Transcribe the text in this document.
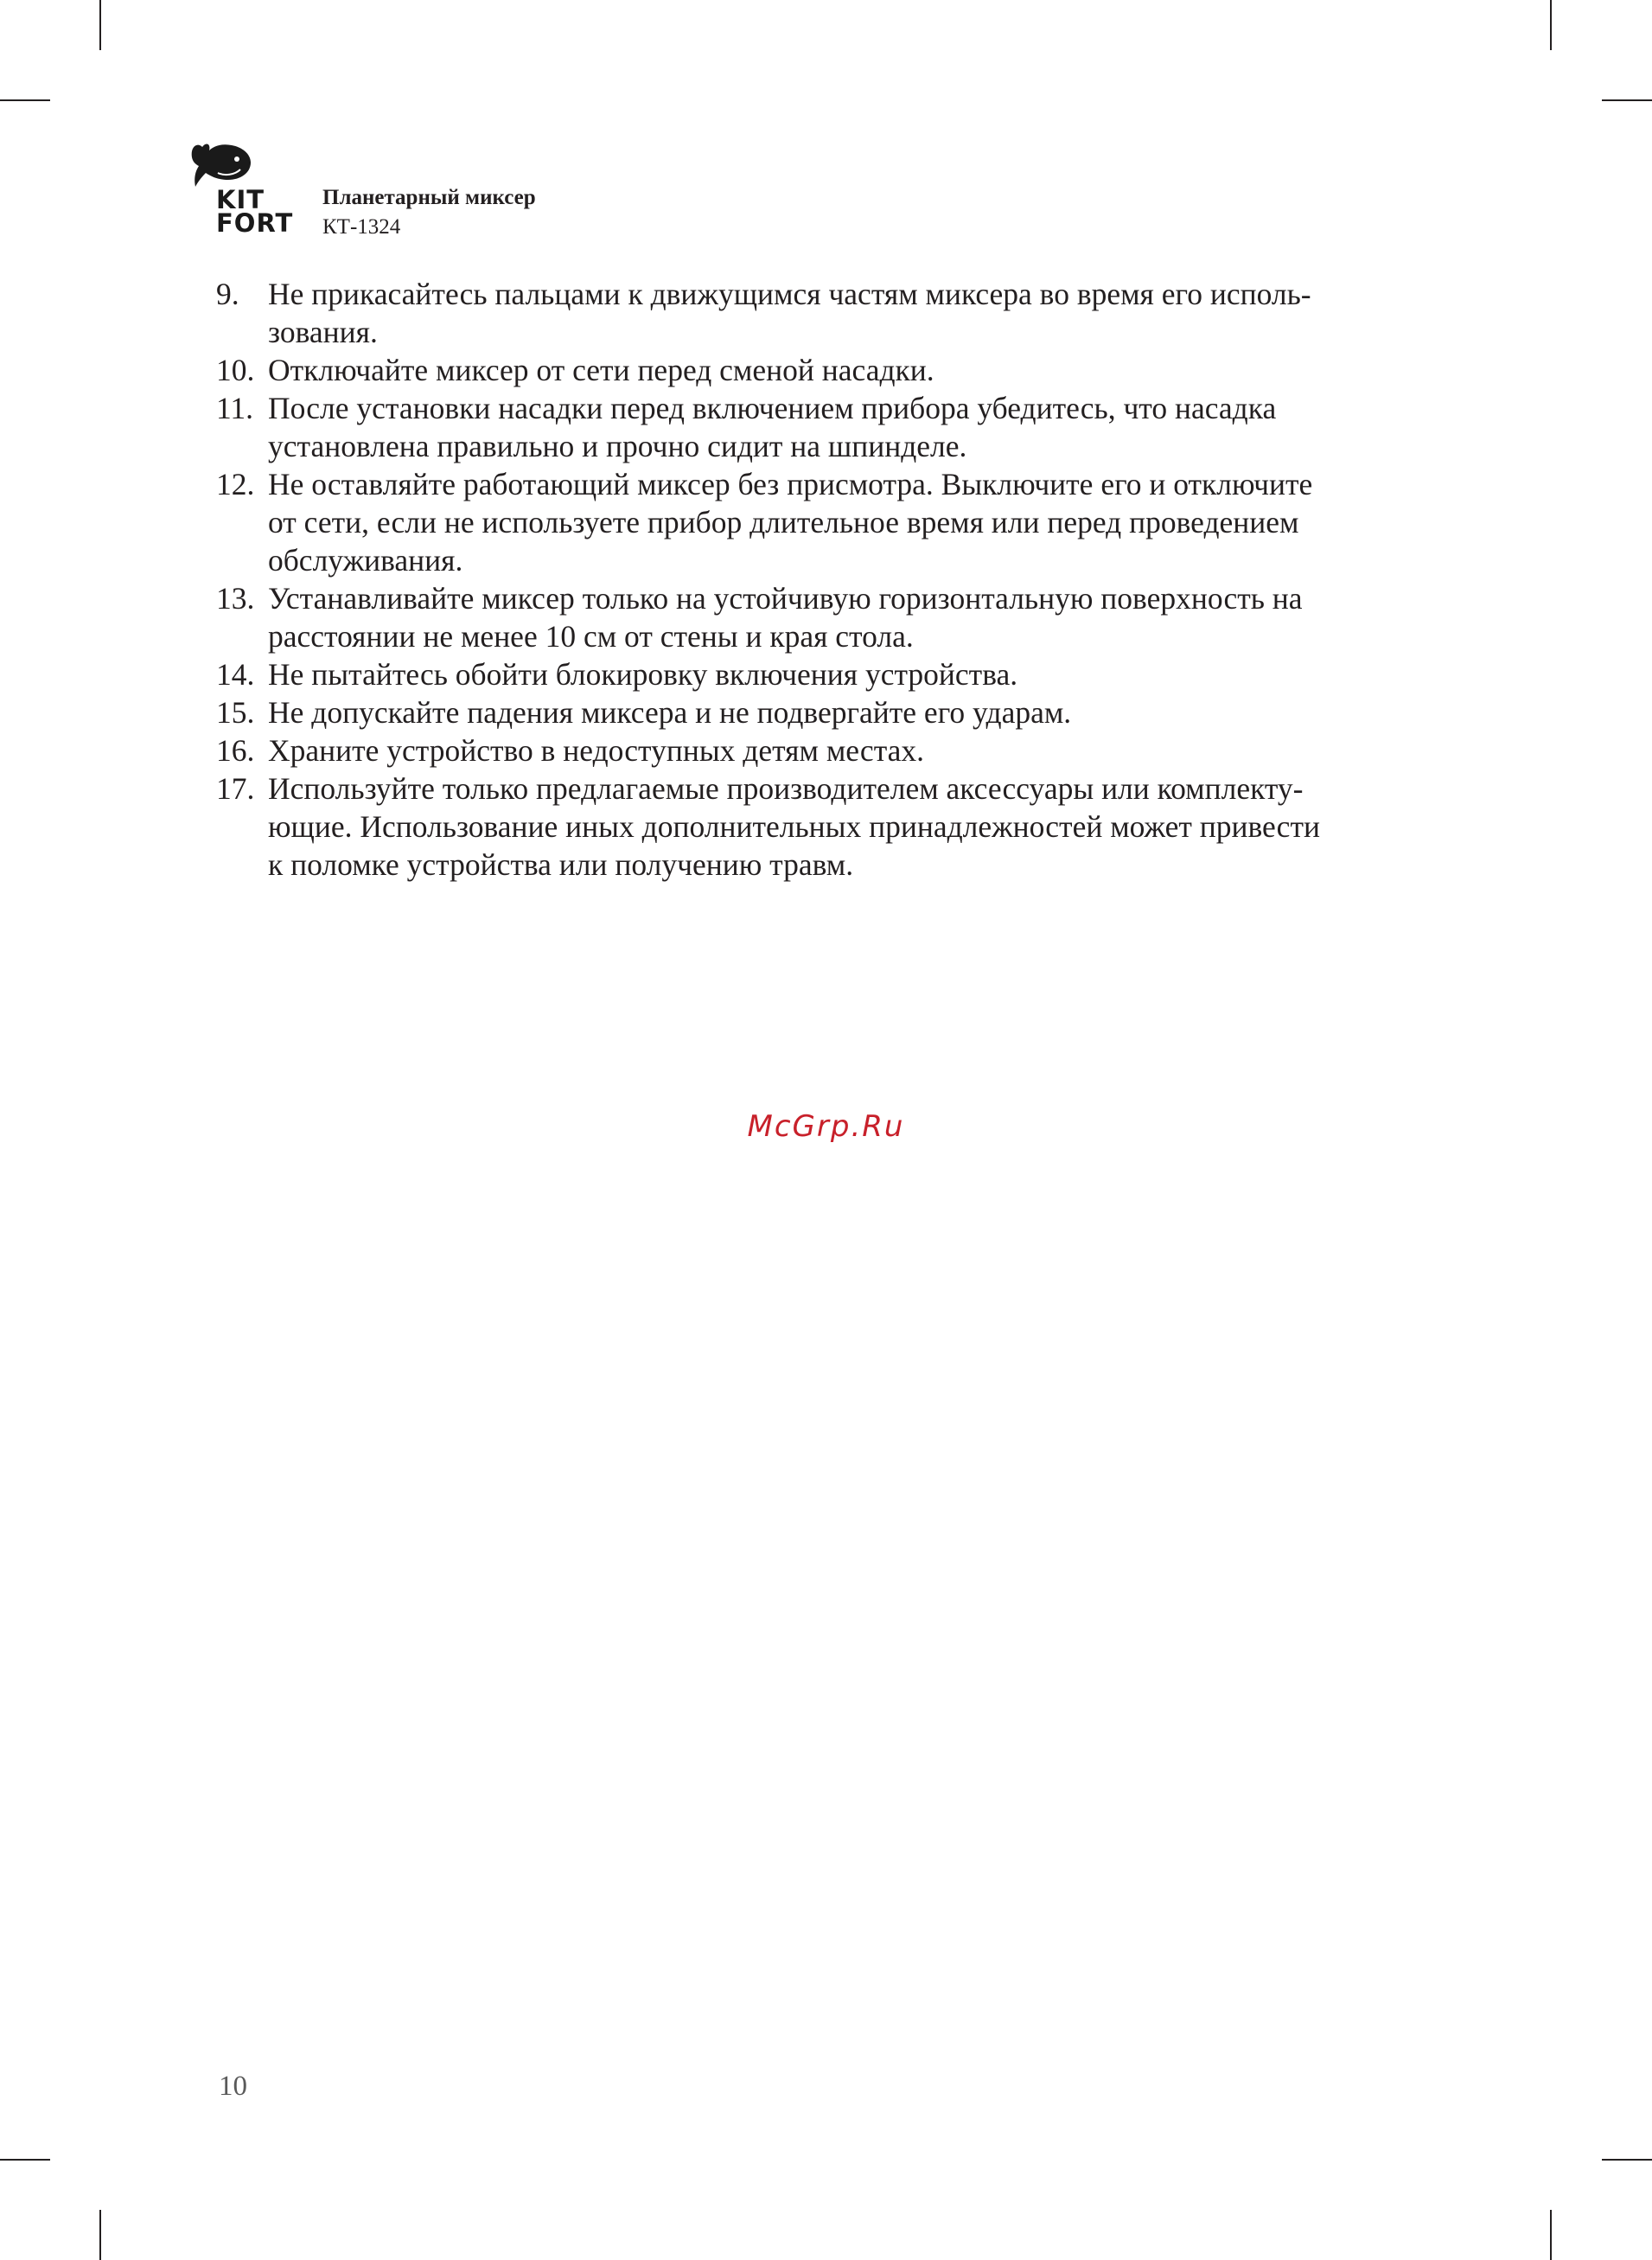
KIT
FORT
Планетарный миксер
КТ-1324
9. Не прикасайтесь пальцами к движущимся частям миксера во время его исполь-
зования.
10. Отключайте миксер от сети перед сменой насадки.
11. После установки насадки перед включением прибора убедитесь, что насадка
установлена правильно и прочно сидит на шпинделе.
12. Не оставляйте работающий миксер без присмотра. Выключите его и отключите
от сети, если не используете прибор длительное время или перед проведением
обслуживания.
13. Устанавливайте миксер только на устойчивую горизонтальную поверхность на
расстоянии не менее 10 см от стены и края стола.
14. Не пытайтесь обойти блокировку включения устройства.
15. Не допускайте падения миксера и не подвергайте его ударам.
16. Храните устройство в недоступных детям местах.
17. Используйте только предлагаемые производителем аксессуары или комплекту-
ющие. Использование иных дополнительных принадлежностей может привести
к поломке устройства или получению травм.
McGrp.Ru
10
